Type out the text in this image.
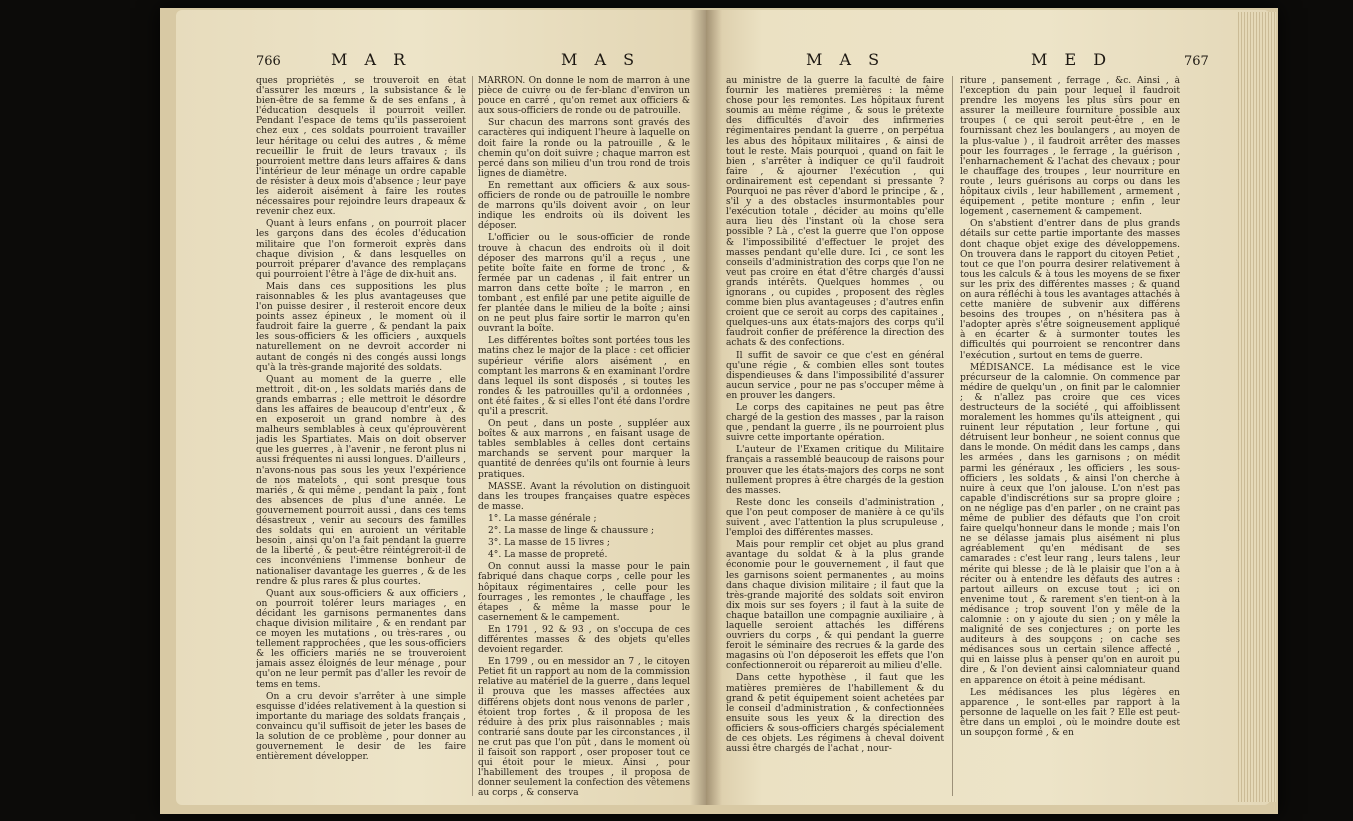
766	M A R	M A S

ques propriétés , se trouveroit en état d'assurer les mœurs , la subsistance & le bien-être de sa femme & de ses enfans , à l'éducation desquels il pourroit veiller. Pendant l'espace de tems qu'ils passeroient chez eux , ces soldats pourroient travailler leur héritage ou celui des autres , & même recueillir le fruit de leurs travaux ; ils pourroient mettre dans leurs affaires & dans l'intérieur de leur ménage un ordre capable de résister à deux mois d'absence ; leur paye les aideroit aisément à faire les routes nécessaires pour rejoindre leurs drapeaux & revenir chez eux.

Quant à leurs enfans , on pourroit placer les garçons dans des écoles d'éducation militaire que l'on formeroit exprès dans chaque division , & dans lesquelles on pourroit préparer d'avance des remplaçans qui pourroient l'être à l'âge de dix-huit ans.

Mais dans ces suppositions les plus raisonnables & les plus avantageuses que l'on puisse desirer , il resteroit encore deux points assez épineux , le moment où il faudroit faire la guerre , & pendant la paix les sous-officiers & les officiers , auxquels naturellement on ne devroit accorder ni autant de congés ni des congés aussi longs qu'à la très-grande majorité des soldats.

Quant au moment de la guerre , elle mettroit , dit-on , les soldats mariés dans de grands embarras ; elle mettroit le désordre dans les affaires de beaucoup d'entr'eux , & en exposeroit un grand nombre à des malheurs semblables à ceux qu'éprouvèrent jadis les Spartiates. Mais on doit observer que les guerres , à l'avenir , ne feront plus ni aussi fréquentes ni aussi longues. D'ailleurs , n'avons-nous pas sous les yeux l'expérience de nos matelots , qui sont presque tous mariés , & qui même , pendant la paix , font des absences de plus d'une année. Le gouvernement pourroit aussi , dans ces tems désastreux , venir au secours des familles des soldats qui en auroient un véritable besoin , ainsi qu'on l'a fait pendant la guerre de la liberté , & peut-être réintégreroit-il de ces inconvéniens l'immense bonheur de nationaliser davantage les guerres , & de les rendre & plus rares & plus courtes.

Quant aux sous-officiers & aux officiers , on pourroit tolérer leurs mariages , en décidant les garnisons permanentes dans chaque division militaire , & en rendant par ce moyen les mutations , ou très-rares , ou tellement rapprochées , que les sous-officiers & les officiers mariés ne se trouveroient jamais assez éloignés de leur ménage , pour qu'on ne leur permît pas d'aller les revoir de tems en tems.

On a cru devoir s'arrêter à une simple esquisse d'idées relativement à la question si importante du mariage des soldats français , convaincu qu'il suffisoit de jeter les bases de la solution de ce problème , pour donner au gouvernement le desir de les faire entièrement développer.

MARRON. On donne le nom de marron à une pièce de cuivre ou de fer-blanc d'environ un pouce en carré , qu'on remet aux officiers & aux sous-officiers de ronde ou de patrouille.

Sur chacun des marrons sont gravés des caractères qui indiquent l'heure à laquelle on doit faire la ronde ou la patrouille , & le chemin qu'on doit suivre ; chaque marron est percé dans son milieu d'un trou rond de trois lignes de diamètre.

En remettant aux officiers & aux sous-officiers de ronde ou de patrouille le nombre de marrons qu'ils doivent avoir , on leur indique les endroits où ils doivent les déposer.

L'officier ou le sous-officier de ronde trouve à chacun des endroits où il doit déposer des marrons qu'il a reçus , une petite boîte faite en forme de tronc , & fermée par un cadenas , il fait entrer un marron dans cette boîte ; le marron , en tombant , est enfilé par une petite aiguille de fer plantée dans le milieu de la boîte ; ainsi on ne peut plus faire sortir le marron qu'en ouvrant la boîte.

Les différentes boîtes sont portées tous les matins chez le major de la place : cet officier supérieur vérifie alors aisément , en comptant les marrons & en examinant l'ordre dans lequel ils sont disposés , si toutes les rondes & les patrouilles qu'il a ordonnées , ont été faites , & si elles l'ont été dans l'ordre qu'il a prescrit.

On peut , dans un poste , suppléer aux boîtes & aux marrons , en faisant usage de tables semblables à celles dont certains marchands se servent pour marquer la quantité de denrées qu'ils ont fournie à leurs pratiques.

MASSE. Avant la révolution on distinguoit dans les troupes françaises quatre espèces de masse.

1°. La masse générale ;

2°. La masse de linge & chaussure ;

3°. La masse de 15 livres ;

4°. La masse de propreté.

On connut aussi la masse pour le pain fabriqué dans chaque corps , celle pour les hôpitaux régimentaires , celle pour les fourrages , les remontes , le chauffage , les étapes , & même la masse pour le casernement & le campement.

En 1791 , 92 & 93 , on s'occupa de ces différentes masses & des objets qu'elles devoient regarder.

En 1799 , ou en messidor an 7 , le citoyen Petiet fit un rapport au nom de la commission relative au matériel de la guerre , dans lequel il prouva que les masses affectées aux différens objets dont nous venons de parler , étoient trop fortes , & il proposa de les réduire à des prix plus raisonnables ; mais contrarié sans doute par les circonstances , il ne crut pas que l'on pût , dans le moment où il faisoit son rapport , oser proposer tout ce qui étoit pour le mieux. Ainsi , pour l'habillement des troupes , il proposa de donner seulement la confection des vêtemens au corps , & conserva

M A S	M E D	767

au ministre de la guerre la faculté de faire fournir les matières premières : la même chose pour les remontes. Les hôpitaux furent soumis au même régime , & sous le prétexte des difficultés d'avoir des infirmeries régimentaires pendant la guerre , on perpétua les abus des hôpitaux militaires , & ainsi de tout le reste. Mais pourquoi , quand on fait le bien , s'arrêter à indiquer ce qu'il faudroit faire , & ajourner l'exécution , qui ordinairement est cependant si pressante ? Pourquoi ne pas rêver d'abord le principe , & , s'il y a des obstacles insurmontables pour l'exécution totale , décider au moins qu'elle aura lieu dès l'instant où la chose sera possible ? Là , c'est la guerre que l'on oppose & l'impossibilité d'effectuer le projet des masses pendant qu'elle dure. Ici , ce sont les conseils d'administration des corps que l'on ne veut pas croire en état d'être chargés d'aussi grands intérêts. Quelques hommes , ou ignorans , ou cupides , proposent des règles comme bien plus avantageuses ; d'autres enfin croient que ce seroit au corps des capitaines , quelques-uns aux états-majors des corps qu'il faudroit confier de préférence la direction des achats & des confections.

Il suffit de savoir ce que c'est en général qu'une régie , & combien elles sont toutes dispendieuses & dans l'impossibilité d'assurer aucun service , pour ne pas s'occuper même à en prouver les dangers.

Le corps des capitaines ne peut pas être chargé de la gestion des masses , par la raison que , pendant la guerre , ils ne pourroient plus suivre cette importante opération.

L'auteur de l'Examen critique du Militaire français a rassemblé beaucoup de raisons pour prouver que les états-majors des corps ne sont nullement propres à être chargés de la gestion des masses.

Reste donc les conseils d'administration , que l'on peut composer de manière à ce qu'ils suivent , avec l'attention la plus scrupuleuse , l'emploi des différentes masses.

Mais pour remplir cet objet au plus grand avantage du soldat & à la plus grande économie pour le gouvernement , il faut que les garnisons soient permanentes , au moins dans chaque division militaire ; il faut que la très-grande majorité des soldats soit environ dix mois sur ses foyers ; il faut à la suite de chaque bataillon une compagnie auxiliaire , à laquelle seroient attachés les différens ouvriers du corps , & qui pendant la guerre feroit le séminaire des recrues & la garde des magasins où l'on déposeroit les effets que l'on confectionneroit ou répareroit au milieu d'elle.

Dans cette hypothèse , il faut que les matières premières de l'habillement & du grand & petit équipement soient achetées par le conseil d'administration , & confectionnées ensuite sous les yeux & la direction des officiers & sous-officiers chargés spécialement de ces objets. Les régimens à cheval doivent aussi être chargés de l'achat , nour-

riture , pansement , ferrage , &c. Ainsi , à l'exception du pain pour lequel il faudroit prendre les moyens les plus sûrs pour en assurer la meilleure fourniture possible aux troupes ( ce qui seroit peut-être , en le fournissant chez les boulangers , au moyen de la plus-value ) , il faudroit arrêter des masses pour les fourrages , le ferrage , la guérison , l'enharnachement & l'achat des chevaux ; pour le chauffage des troupes , leur nourriture en route , leurs guérisons au corps ou dans les hôpitaux civils , leur habillement , armement , équipement , petite monture ; enfin , leur logement , casernement & campement.

On s'abstient d'entrer dans de plus grands détails sur cette partie importante des masses dont chaque objet exige des développemens. On trouvera dans le rapport du citoyen Petiet , tout ce que l'on pourra desirer relativement à tous les calculs & à tous les moyens de se fixer sur les prix des différentes masses ; & quand on aura réfléchi à tous les avantages attachés à cette manière de subvenir aux différens besoins des troupes , on n'hésitera pas à l'adopter après s'être soigneusement appliqué à en écarter & à surmonter toutes les difficultés qui pourroient se rencontrer dans l'exécution , surtout en tems de guerre.

MÉDISANCE. La médisance est le vice précurseur de la calomnie. On commence par médire de quelqu'un , on finit par le calomnier ; & n'allez pas croire que ces vices destructeurs de la société , qui affoiblissent moralement les hommes qu'ils atteignent , qui ruinent leur réputation , leur fortune , qui détruisent leur bonheur , ne soient connus que dans le monde. On médit dans les camps , dans les armées , dans les garnisons ; on médit parmi les généraux , les officiers , les sous-officiers , les soldats , & ainsi l'on cherche à nuire à ceux que l'on jalouse. L'on n'est pas capable d'indiscrétions sur sa propre gloire ; on ne néglige pas d'en parler , on ne craint pas même de publier des défauts que l'on croit faire quelqu'honneur dans le monde ; mais l'on ne se délasse jamais plus aisément ni plus agréablement qu'en médisant de ses camarades : c'est leur rang , leurs talens , leur mérite qui blesse ; de là le plaisir que l'on a à réciter ou à entendre les défauts des autres : partout ailleurs on excuse tout ; ici on envenime tout , & rarement s'en tient-on à la médisance ; trop souvent l'on y mêle de la calomnie : on y ajoute du sien ; on y mêle la malignité de ses conjectures ; on porte les auditeurs à des soupçons ; on cache ses médisances sous un certain silence affecté , qui en laisse plus à penser qu'on en auroit pu dire , & l'on devient ainsi calomniateur quand en apparence on étoit à peine médisant.

Les médisances les plus légères en apparence , le sont-elles par rapport à la personne de laquelle on les fait ? Elle est peut-être dans un emploi , où le moindre doute est un soupçon formé , & en
